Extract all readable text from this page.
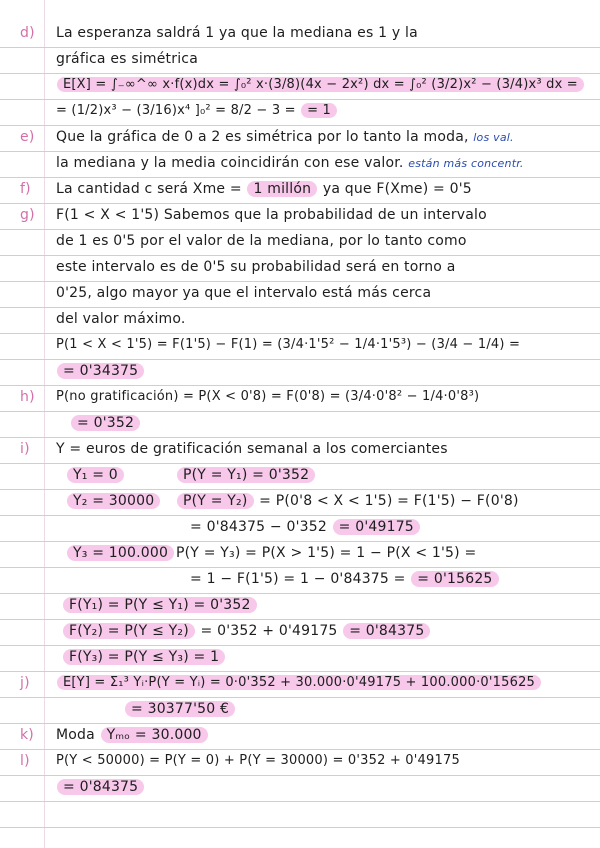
d) La esperanza saldrá 1 ya que la mediana es 1 y la
gráfica es simétrica
E[X] = ∫₋∞^∞ x·f(x)dx = ∫₀² x·(3/8)(4x − 2x²) dx = ∫₀² (3/2)x² − (3/4)x³ dx =
= (1/2)x³ − (3/16)x⁴ ]₀² = 8/2 − 3 = = 1
e) Que la gráfica de 0 a 2 es simétrica por lo tanto la moda, los val.
la mediana y la media coincidirán con ese valor. están más concentr.
f) La cantidad c será Xme = 1 millón ya que F(Xme) = 0'5
g) F(1 < X < 1'5) Sabemos que la probabilidad de un intervalo
de 1 es 0'5 por el valor de la mediana, por lo tanto como
este intervalo es de 0'5 su probabilidad será en torno a
0'25, algo mayor ya que el intervalo está más cerca
del valor máximo.
P(1 < X < 1'5) = F(1'5) − F(1) = (3/4·1'5² − 1/4·1'5³) − (3/4 − 1/4) =
= 0'34375
h) P(no gratificación) = P(X < 0'8) = F(0'8) = (3/4·0'8² − 1/4·0'8³)
= 0'352
i) Y = euros de gratificación semanal a los comerciantes
Y₁ = 0	P(Y = Y₁) = 0'352
Y₂ = 30000	P(Y = Y₂) = P(0'8 < X < 1'5) = F(1'5) − F(0'8)
= 0'84375 − 0'352 = 0'49175
Y₃ = 100.000 P(Y = Y₃) = P(X > 1'5) = 1 − P(X < 1'5) =
= 1 − F(1'5) = 1 − 0'84375 = = 0'15625
F(Y₁) = P(Y ≤ Y₁) = 0'352
F(Y₂) = P(Y ≤ Y₂) = 0'352 + 0'49175 = 0'84375
F(Y₃) = P(Y ≤ Y₃) = 1
j)	E[Y] = Σ₁³ Yᵢ·P(Y = Yᵢ) = 0·0'352 + 30.000·0'49175 + 100.000·0'15625
= 30377'50 €
k) Moda Yₘₒ = 30.000
l) P(Y < 50000) = P(Y = 0) + P(Y = 30000) = 0'352 + 0'49175
= 0'84375
